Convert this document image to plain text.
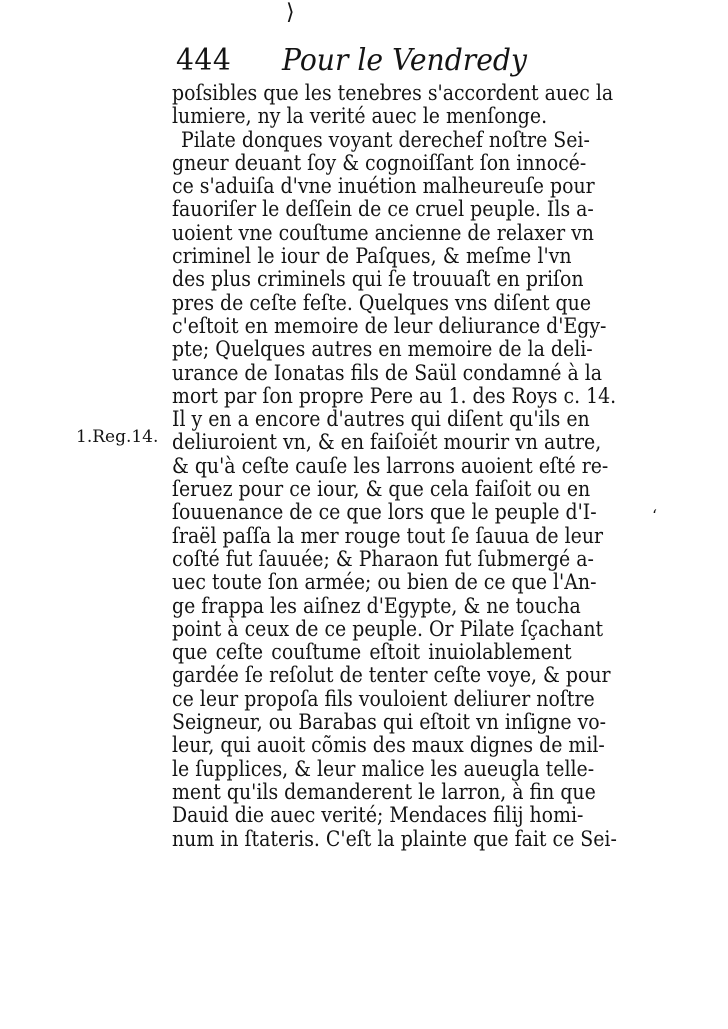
⟩
444 Pour le Vendredy
1.Reg.14.
‘
poſsibles que les tenebres s'accordent auec la
lumiere, ny la verité auec le menſonge.
Pilate donques voyant derechef noſtre Sei-
gneur deuant ſoy & cognoiſſant ſon innocé-
ce s'aduiſa d'vne inuétion malheureuſe pour
fauoriſer le deſſein de ce cruel peuple. Ils a-
uoient vne couſtume ancienne de relaxer vn
criminel le iour de Paſques, & meſme l'vn
des plus criminels qui ſe trouuaſt en priſon
pres de ceſte feſte. Quelques vns diſent que
c'eſtoit en memoire de leur deliurance d'Egy-
pte; Quelques autres en memoire de la deli-
urance de Ionatas fils de Saül condamné à la
mort par ſon propre Pere au 1. des Roys c. 14.
Il y en a encore d'autres qui diſent qu'ils en
deliuroient vn, & en faiſoiét mourir vn autre,
& qu'à ceſte cauſe les larrons auoient eſté re-
ſeruez pour ce iour, & que cela faiſoit ou en
ſouuenance de ce que lors que le peuple d'I-
ſraël paſſa la mer rouge tout ſe ſauua de leur
coſté fut ſauuée; & Pharaon fut ſubmergé a-
uec toute ſon armée; ou bien de ce que l'An-
ge frappa les aiſnez d'Egypte, & ne toucha
point à ceux de ce peuple. Or Pilate ſçachant
que ceſte couſtume eſtoit inuiolablement
gardée ſe reſolut de tenter ceſte voye, & pour
ce leur propoſa fils vouloient deliurer noſtre
Seigneur, ou Barabas qui eſtoit vn inſigne vo-
leur, qui auoit cõmis des maux dignes de mil-
le ſupplices, & leur malice les aueugla telle-
ment qu'ils demanderent le larron, à fin que
Dauid die auec verité; Mendaces filij homi-
num in ſtateris. C'eſt la plainte que fait ce Sei-
